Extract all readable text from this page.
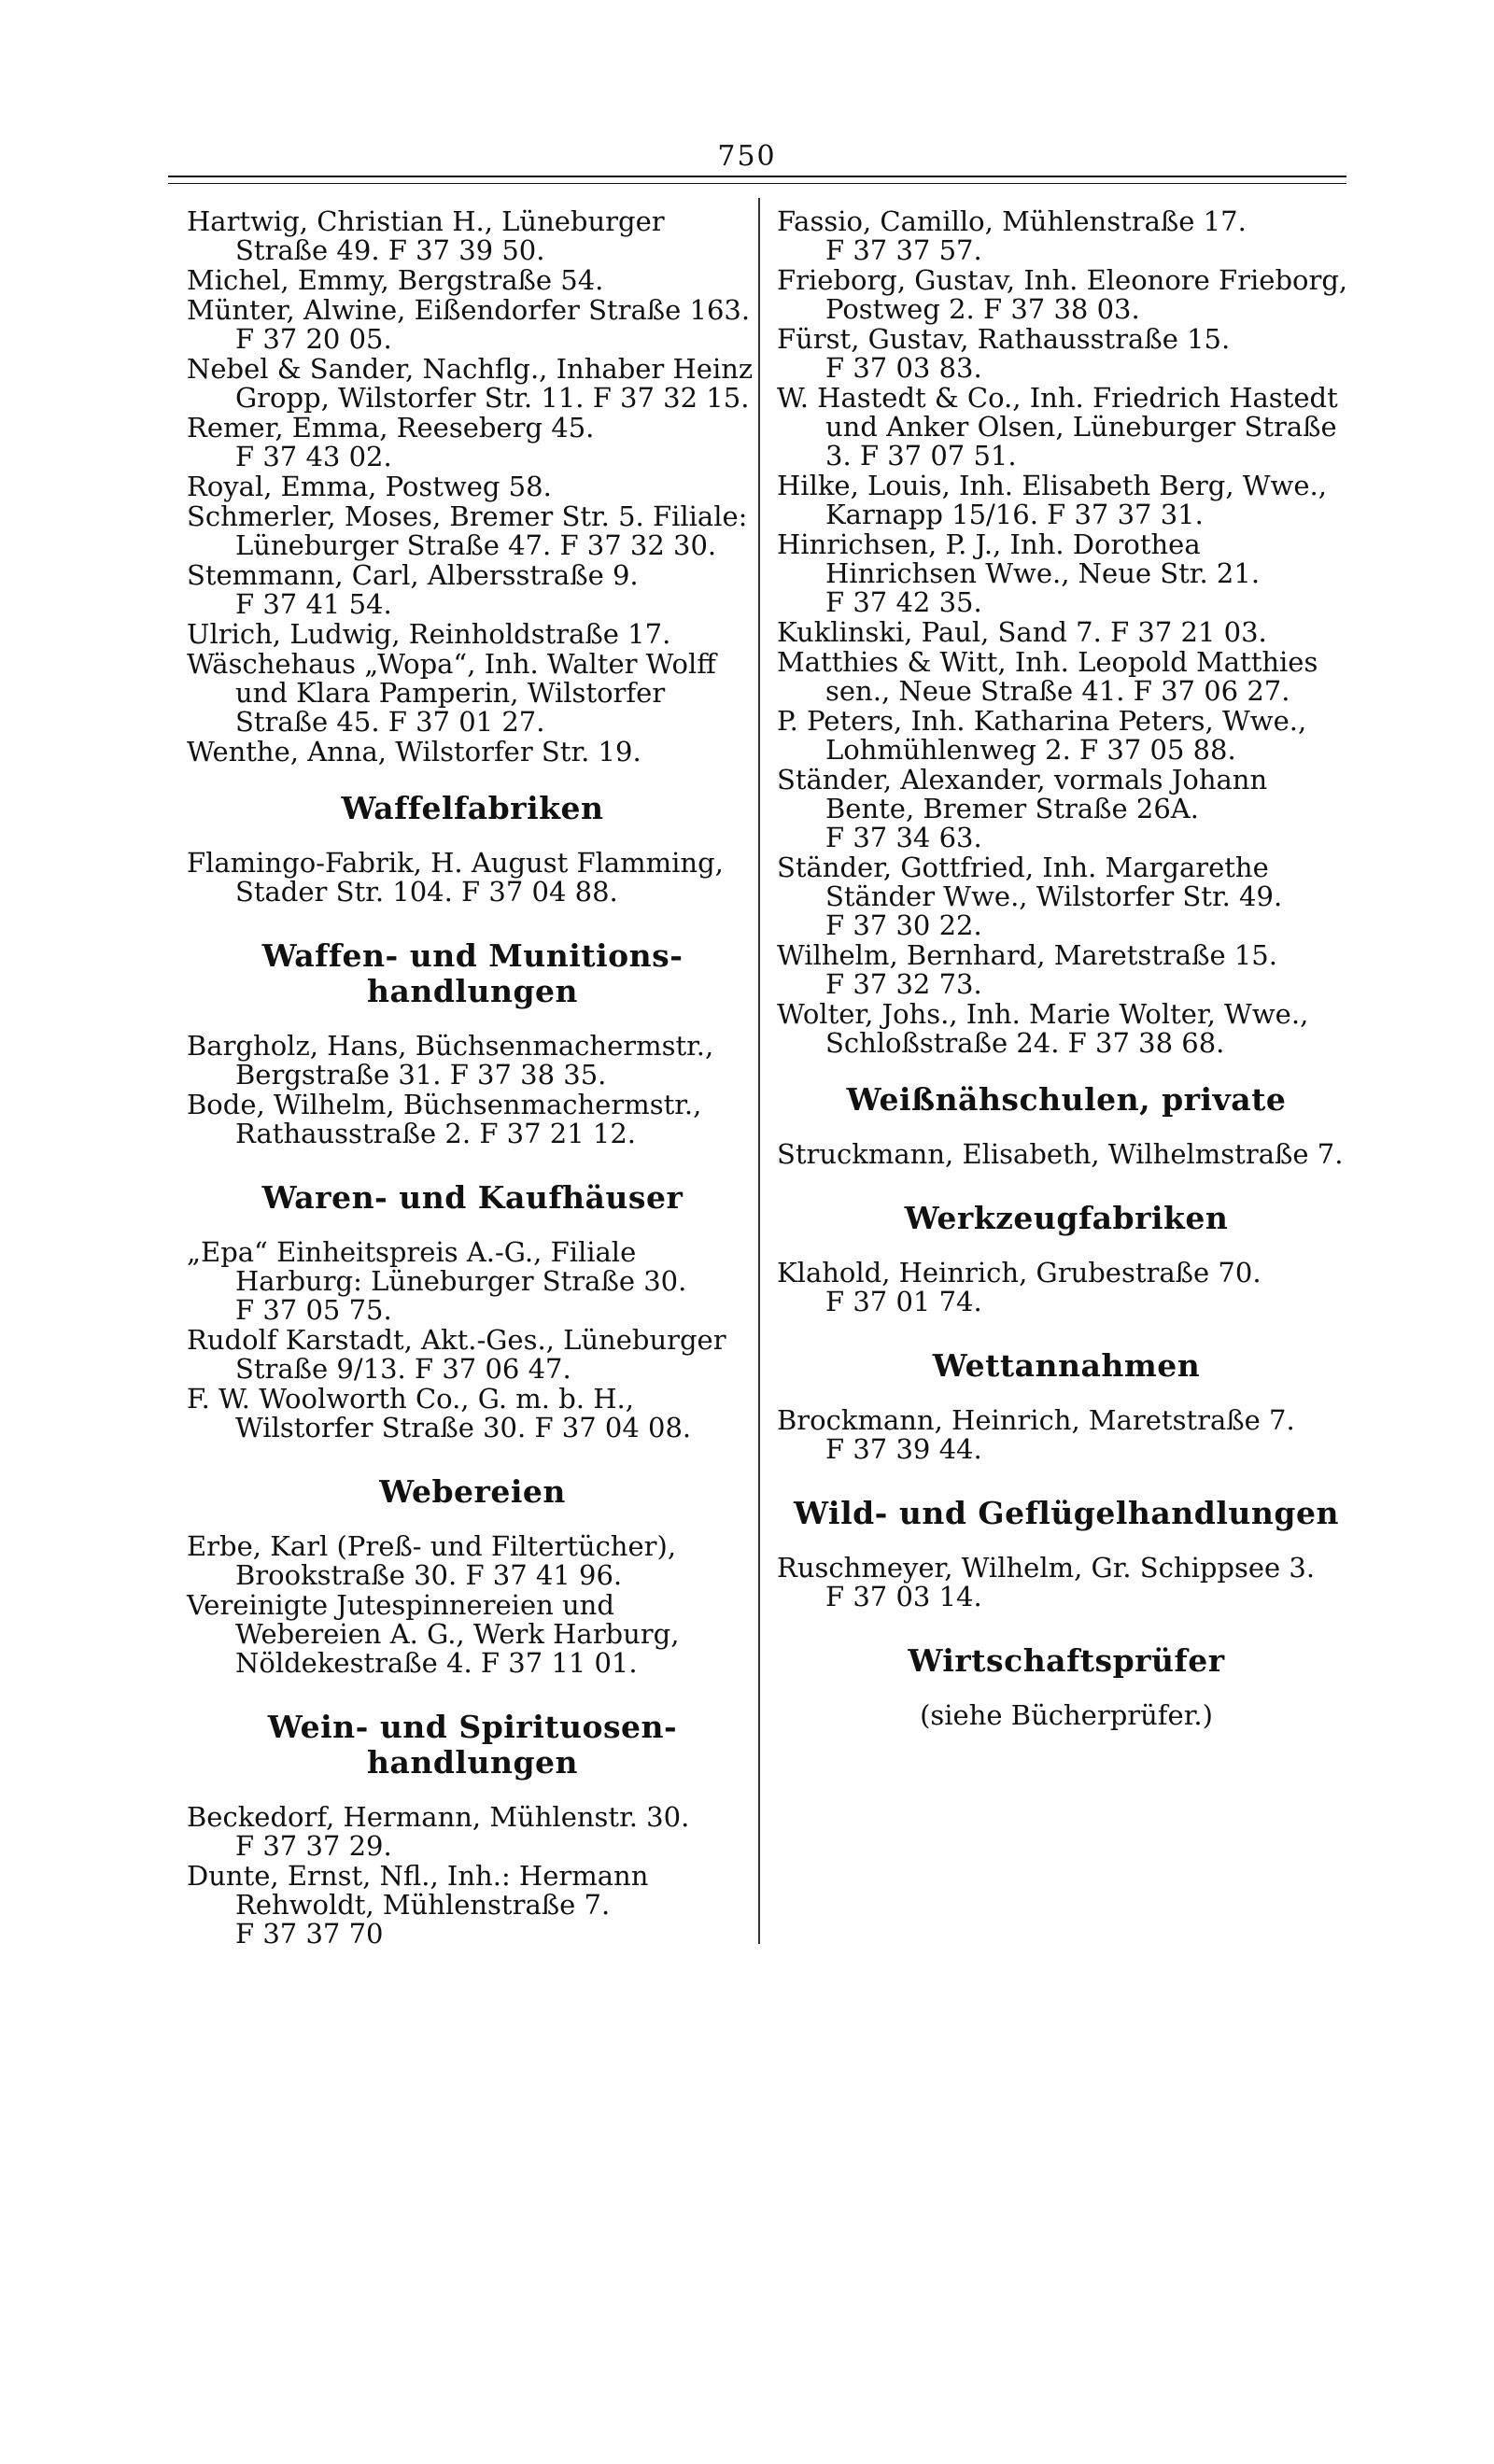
750
Hartwig, Christian H., Lüneburger Straße 49. F 37 39 50.
Michel, Emmy, Bergstraße 54.
Münter, Alwine, Eißendorfer Straße 163. F 37 20 05.
Nebel & Sander, Nachflg., Inhaber Heinz Gropp, Wilstorfer Str. 11. F 37 32 15.
Remer, Emma, Reeseberg 45. F 37 43 02.
Royal, Emma, Postweg 58.
Schmerler, Moses, Bremer Str. 5. Filiale: Lüneburger Straße 47. F 37 32 30.
Stemmann, Carl, Albersstraße 9. F 37 41 54.
Ulrich, Ludwig, Reinholdstraße 17.
Wäschehaus „Wopa“, Inh. Walter Wolff und Klara Pamperin, Wilstorfer Straße 45. F 37 01 27.
Wenthe, Anna, Wilstorfer Str. 19.
Waffelfabriken
Flamingo-Fabrik, H. August Flamming, Stader Str. 104. F 37 04 88.
Waffen- und Munitions-handlungen
Bargholz, Hans, Büchsenmachermstr., Bergstraße 31. F 37 38 35.
Bode, Wilhelm, Büchsenmachermstr., Rathausstraße 2. F 37 21 12.
Waren- und Kaufhäuser
„Epa“ Einheitspreis A.-G., Filiale Harburg: Lüneburger Straße 30. F 37 05 75.
Rudolf Karstadt, Akt.-Ges., Lüneburger Straße 9/13. F 37 06 47.
F. W. Woolworth Co., G. m. b. H., Wilstorfer Straße 30. F 37 04 08.
Webereien
Erbe, Karl (Preß- und Filtertücher), Brookstraße 30. F 37 41 96.
Vereinigte Jutespinnereien und Webereien A. G., Werk Harburg, Nöldekestraße 4. F 37 11 01.
Wein- und Spirituosen-handlungen
Beckedorf, Hermann, Mühlenstr. 30. F 37 37 29.
Dunte, Ernst, Nfl., Inh.: Hermann Rehwoldt, Mühlenstraße 7. F 37 37 70
Fassio, Camillo, Mühlenstraße 17. F 37 37 57.
Frieborg, Gustav, Inh. Eleonore Frieborg, Postweg 2. F 37 38 03.
Fürst, Gustav, Rathausstraße 15. F 37 03 83.
W. Hastedt & Co., Inh. Friedrich Hastedt und Anker Olsen, Lüneburger Straße 3. F 37 07 51.
Hilke, Louis, Inh. Elisabeth Berg, Wwe., Karnapp 15/16. F 37 37 31.
Hinrichsen, P. J., Inh. Dorothea Hinrichsen Wwe., Neue Str. 21. F 37 42 35.
Kuklinski, Paul, Sand 7. F 37 21 03.
Matthies & Witt, Inh. Leopold Matthies sen., Neue Straße 41. F 37 06 27.
P. Peters, Inh. Katharina Peters, Wwe., Lohmühlenweg 2. F 37 05 88.
Ständer, Alexander, vormals Johann Bente, Bremer Straße 26A. F 37 34 63.
Ständer, Gottfried, Inh. Margarethe Ständer Wwe., Wilstorfer Str. 49. F 37 30 22.
Wilhelm, Bernhard, Maretstraße 15. F 37 32 73.
Wolter, Johs., Inh. Marie Wolter, Wwe., Schloßstraße 24. F 37 38 68.
Weißnähschulen, private
Struckmann, Elisabeth, Wilhelmstraße 7.
Werkzeugfabriken
Klahold, Heinrich, Grubestraße 70. F 37 01 74.
Wettannahmen
Brockmann, Heinrich, Maretstraße 7. F 37 39 44.
Wild- und Geflügelhandlungen
Ruschmeyer, Wilhelm, Gr. Schippsee 3. F 37 03 14.
Wirtschaftsprüfer
(siehe Bücherprüfer.)
